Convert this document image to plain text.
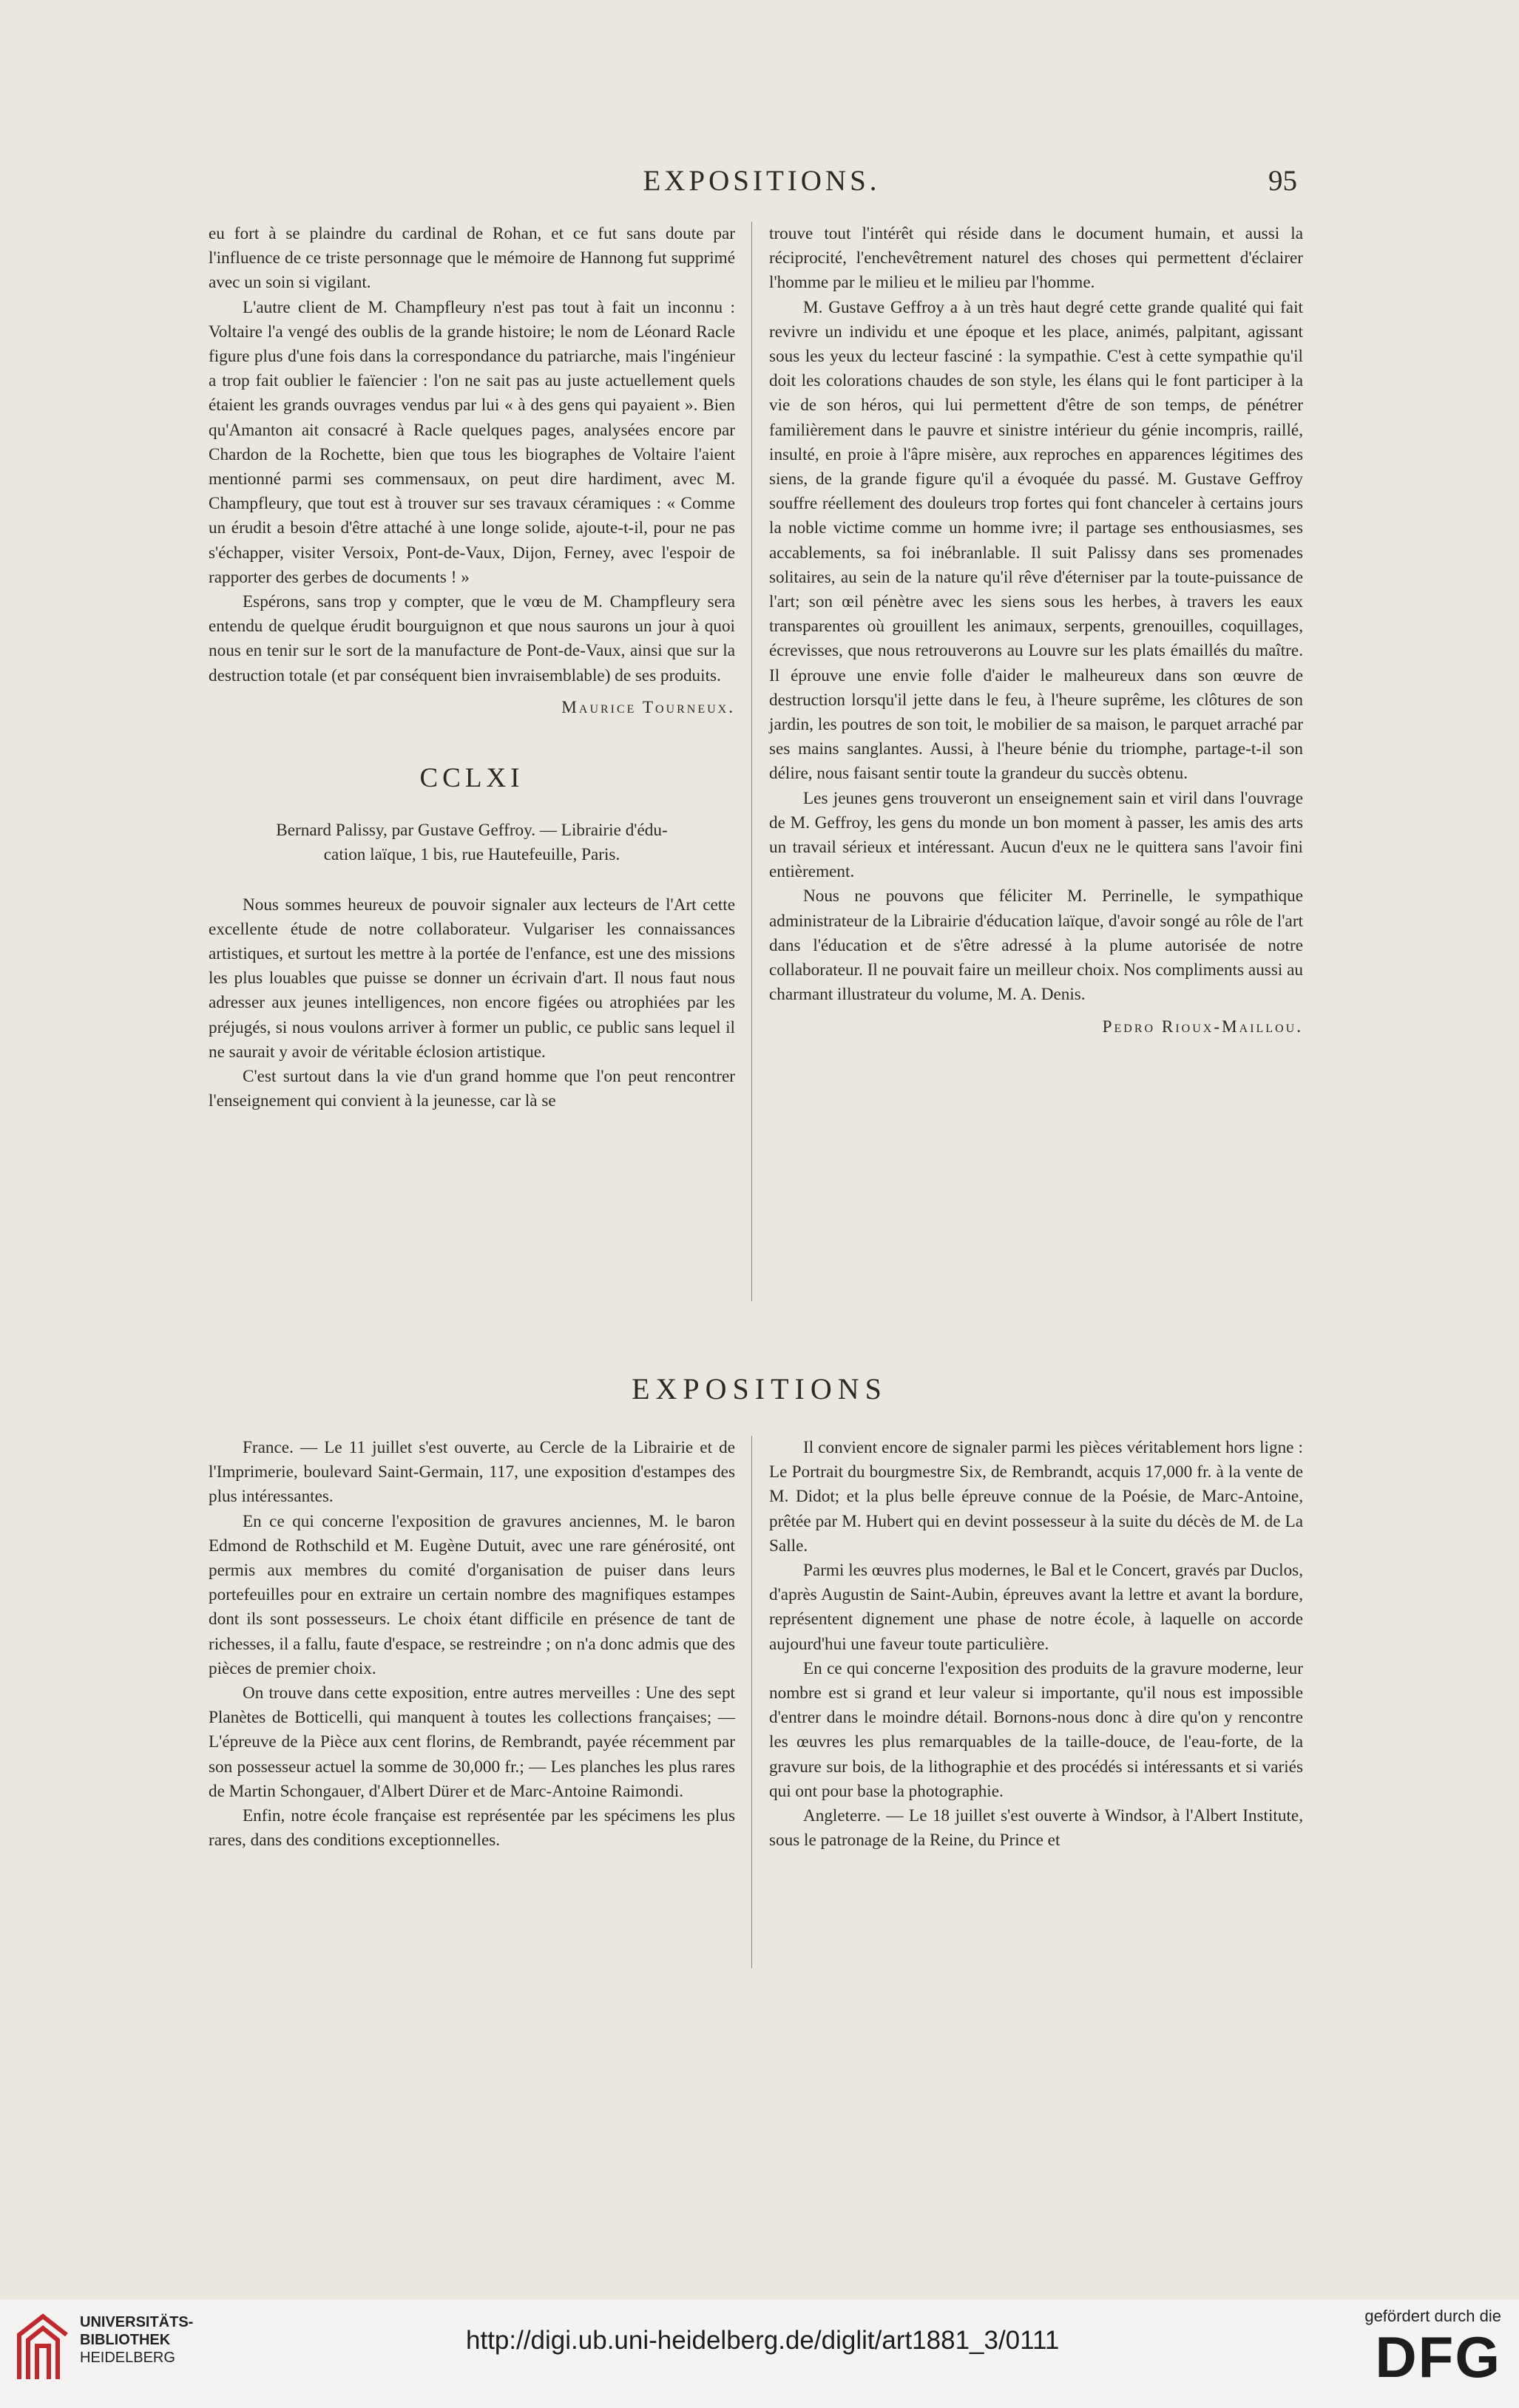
EXPOSITIONS.	95

eu fort à se plaindre du cardinal de Rohan, et ce fut sans doute par l'influence de ce triste personnage que le mémoire de Hannong fut supprimé avec un soin si vigilant.

L'autre client de M. Champfleury n'est pas tout à fait un inconnu : Voltaire l'a vengé des oublis de la grande histoire; le nom de Léonard Racle figure plus d'une fois dans la correspondance du patriarche, mais l'ingénieur a trop fait oublier le faïencier : l'on ne sait pas au juste actuellement quels étaient les grands ouvrages vendus par lui « à des gens qui payaient ». Bien qu'Amanton ait consacré à Racle quelques pages, analysées encore par Chardon de la Rochette, bien que tous les biographes de Voltaire l'aient mentionné parmi ses commensaux, on peut dire hardiment, avec M. Champfleury, que tout est à trouver sur ses travaux céramiques : « Comme un érudit a besoin d'être attaché à une longe solide, ajoute-t-il, pour ne pas s'échapper, visiter Versoix, Pont-de-Vaux, Dijon, Ferney, avec l'espoir de rapporter des gerbes de documents ! »

Espérons, sans trop y compter, que le vœu de M. Champfleury sera entendu de quelque érudit bourguignon et que nous saurons un jour à quoi nous en tenir sur le sort de la manufacture de Pont-de-Vaux, ainsi que sur la destruction totale (et par conséquent bien invraisemblable) de ses produits.

Maurice Tourneux.
CCLXI

Bernard Palissy, par Gustave Geffroy. — Librairie d'édu-

cation laïque, 1 bis, rue Hautefeuille, Paris.

Nous sommes heureux de pouvoir signaler aux lecteurs de l'Art cette excellente étude de notre collaborateur. Vulgariser les connaissances artistiques, et surtout les mettre à la portée de l'enfance, est une des missions les plus louables que puisse se donner un écrivain d'art. Il nous faut nous adresser aux jeunes intelligences, non encore figées ou atrophiées par les préjugés, si nous voulons arriver à former un public, ce public sans lequel il ne saurait y avoir de véritable éclosion artistique.

C'est surtout dans la vie d'un grand homme que l'on peut rencontrer l'enseignement qui convient à la jeunesse, car là se

trouve tout l'intérêt qui réside dans le document humain, et aussi la réciprocité, l'enchevêtrement naturel des choses qui permettent d'éclairer l'homme par le milieu et le milieu par l'homme.

M. Gustave Geffroy a à un très haut degré cette grande qualité qui fait revivre un individu et une époque et les place, animés, palpitant, agissant sous les yeux du lecteur fasciné : la sympathie. C'est à cette sympathie qu'il doit les colorations chaudes de son style, les élans qui le font participer à la vie de son héros, qui lui permettent d'être de son temps, de pénétrer familièrement dans le pauvre et sinistre intérieur du génie incompris, raillé, insulté, en proie à l'âpre misère, aux reproches en apparences légitimes des siens, de la grande figure qu'il a évoquée du passé. M. Gustave Geffroy souffre réellement des douleurs trop fortes qui font chanceler à certains jours la noble victime comme un homme ivre; il partage ses enthousiasmes, ses accablements, sa foi inébranlable. Il suit Palissy dans ses promenades solitaires, au sein de la nature qu'il rêve d'éterniser par la toute-puissance de l'art; son œil pénètre avec les siens sous les herbes, à travers les eaux transparentes où grouillent les animaux, serpents, grenouilles, coquillages, écrevisses, que nous retrouverons au Louvre sur les plats émaillés du maître. Il éprouve une envie folle d'aider le malheureux dans son œuvre de destruction lorsqu'il jette dans le feu, à l'heure suprême, les clôtures de son jardin, les poutres de son toit, le mobilier de sa maison, le parquet arraché par ses mains sanglantes. Aussi, à l'heure bénie du triomphe, partage-t-il son délire, nous faisant sentir toute la grandeur du succès obtenu.

Les jeunes gens trouveront un enseignement sain et viril dans l'ouvrage de M. Geffroy, les gens du monde un bon moment à passer, les amis des arts un travail sérieux et intéressant. Aucun d'eux ne le quittera sans l'avoir fini entièrement.

Nous ne pouvons que féliciter M. Perrinelle, le sympathique administrateur de la Librairie d'éducation laïque, d'avoir songé au rôle de l'art dans l'éducation et de s'être adressé à la plume autorisée de notre collaborateur. Il ne pouvait faire un meilleur choix. Nos compliments aussi au charmant illustrateur du volume, M. A. Denis.

Pedro Rioux-Maillou.
EXPOSITIONS

France. — Le 11 juillet s'est ouverte, au Cercle de la Librairie et de l'Imprimerie, boulevard Saint-Germain, 117, une exposition d'estampes des plus intéressantes.

En ce qui concerne l'exposition de gravures anciennes, M. le baron Edmond de Rothschild et M. Eugène Dutuit, avec une rare générosité, ont permis aux membres du comité d'organisation de puiser dans leurs portefeuilles pour en extraire un certain nombre des magnifiques estampes dont ils sont possesseurs. Le choix étant difficile en présence de tant de richesses, il a fallu, faute d'espace, se restreindre ; on n'a donc admis que des pièces de premier choix.

On trouve dans cette exposition, entre autres merveilles : Une des sept Planètes de Botticelli, qui manquent à toutes les collections françaises; — L'épreuve de la Pièce aux cent florins, de Rembrandt, payée récemment par son possesseur actuel la somme de 30,000 fr.; — Les planches les plus rares de Martin Schongauer, d'Albert Dürer et de Marc-Antoine Raimondi.

Enfin, notre école française est représentée par les spécimens les plus rares, dans des conditions exceptionnelles.

Il convient encore de signaler parmi les pièces véritablement hors ligne : Le Portrait du bourgmestre Six, de Rembrandt, acquis 17,000 fr. à la vente de M. Didot; et la plus belle épreuve connue de la Poésie, de Marc-Antoine, prêtée par M. Hubert qui en devint possesseur à la suite du décès de M. de La Salle.

Parmi les œuvres plus modernes, le Bal et le Concert, gravés par Duclos, d'après Augustin de Saint-Aubin, épreuves avant la lettre et avant la bordure, représentent dignement une phase de notre école, à laquelle on accorde aujourd'hui une faveur toute particulière.

En ce qui concerne l'exposition des produits de la gravure moderne, leur nombre est si grand et leur valeur si importante, qu'il nous est impossible d'entrer dans le moindre détail. Bornons-nous donc à dire qu'on y rencontre les œuvres les plus remarquables de la taille-douce, de l'eau-forte, de la gravure sur bois, de la lithographie et des procédés si intéressants et si variés qui ont pour base la photographie.

Angleterre. — Le 18 juillet s'est ouverte à Windsor, à l'Albert Institute, sous le patronage de la Reine, du Prince et

UNIVERSITÄTS-
BIBLIOTHEK
HEIDELBERG
http://digi.ub.uni-heidelberg.de/diglit/art1881_3/0111
gefördert durch die
DFG
